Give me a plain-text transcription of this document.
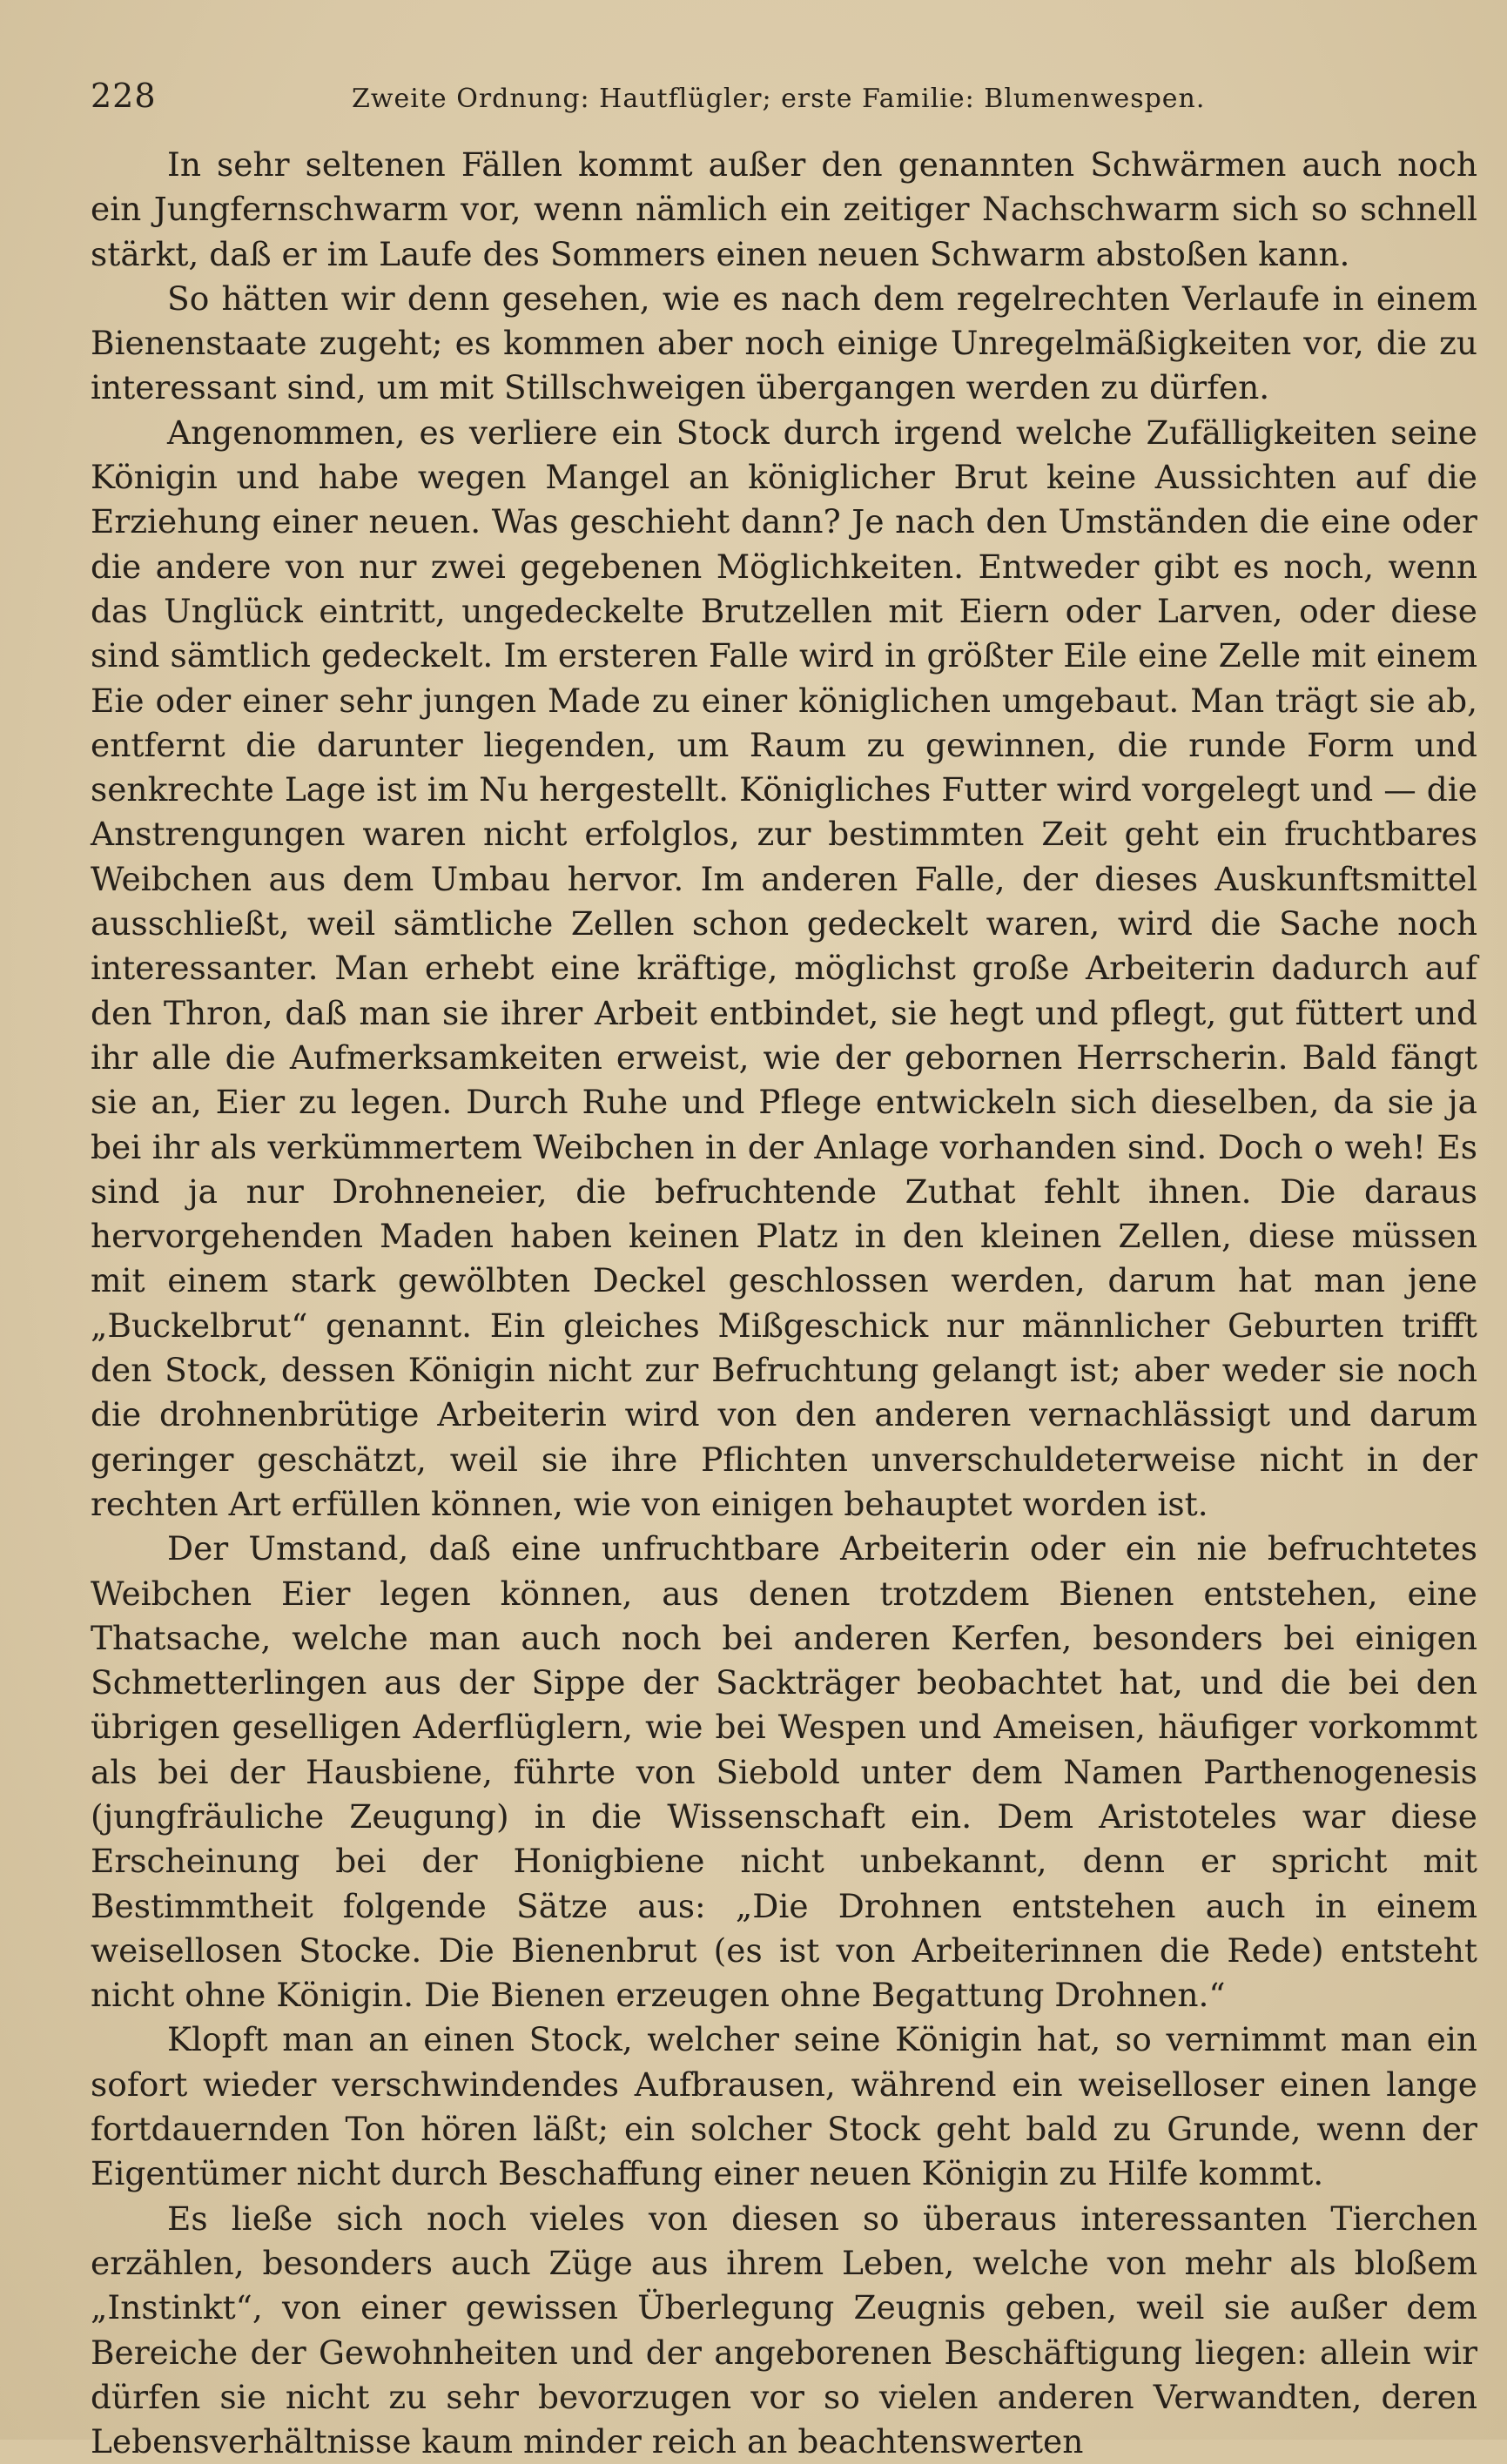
228	Zweite Ordnung: Hautflügler; erste Familie: Blumenwespen.

In sehr seltenen Fällen kommt außer den genannten Schwärmen auch noch ein Jungfernschwarm vor, wenn nämlich ein zeitiger Nachschwarm sich so schnell stärkt, daß er im Laufe des Sommers einen neuen Schwarm abstoßen kann.

So hätten wir denn gesehen, wie es nach dem regelrechten Verlaufe in einem Bienenstaate zugeht; es kommen aber noch einige Unregelmäßigkeiten vor, die zu interessant sind, um mit Stillschweigen übergangen werden zu dürfen.

Angenommen, es verliere ein Stock durch irgend welche Zufälligkeiten seine Königin und habe wegen Mangel an königlicher Brut keine Aussichten auf die Erziehung einer neuen. Was geschieht dann? Je nach den Umständen die eine oder die andere von nur zwei gegebenen Möglichkeiten. Entweder gibt es noch, wenn das Unglück eintritt, ungedeckelte Brutzellen mit Eiern oder Larven, oder diese sind sämtlich gedeckelt. Im ersteren Falle wird in größter Eile eine Zelle mit einem Eie oder einer sehr jungen Made zu einer königlichen umgebaut. Man trägt sie ab, entfernt die darunter liegenden, um Raum zu gewinnen, die runde Form und senkrechte Lage ist im Nu hergestellt. Königliches Futter wird vorgelegt und — die Anstrengungen waren nicht erfolglos, zur bestimmten Zeit geht ein fruchtbares Weibchen aus dem Umbau hervor. Im anderen Falle, der dieses Auskunftsmittel ausschließt, weil sämtliche Zellen schon gedeckelt waren, wird die Sache noch interessanter. Man erhebt eine kräftige, möglichst große Arbeiterin dadurch auf den Thron, daß man sie ihrer Arbeit entbindet, sie hegt und pflegt, gut füttert und ihr alle die Aufmerksamkeiten erweist, wie der gebornen Herrscherin. Bald fängt sie an, Eier zu legen. Durch Ruhe und Pflege entwickeln sich dieselben, da sie ja bei ihr als verkümmertem Weibchen in der Anlage vorhanden sind. Doch o weh! Es sind ja nur Drohneneier, die befruchtende Zuthat fehlt ihnen. Die daraus hervorgehenden Maden haben keinen Platz in den kleinen Zellen, diese müssen mit einem stark gewölbten Deckel geschlossen werden, darum hat man jene „Buckelbrut“ genannt. Ein gleiches Mißgeschick nur männlicher Geburten trifft den Stock, dessen Königin nicht zur Befruchtung gelangt ist; aber weder sie noch die drohnenbrütige Arbeiterin wird von den anderen vernachlässigt und darum geringer geschätzt, weil sie ihre Pflichten unverschuldeterweise nicht in der rechten Art erfüllen können, wie von einigen behauptet worden ist.

Der Umstand, daß eine unfruchtbare Arbeiterin oder ein nie befruchtetes Weibchen Eier legen können, aus denen trotzdem Bienen entstehen, eine Thatsache, welche man auch noch bei anderen Kerfen, besonders bei einigen Schmetterlingen aus der Sippe der Sackträger beobachtet hat, und die bei den übrigen geselligen Aderflüglern, wie bei Wespen und Ameisen, häufiger vorkommt als bei der Hausbiene, führte von Siebold unter dem Namen Parthenogenesis (jungfräuliche Zeugung) in die Wissenschaft ein. Dem Aristoteles war diese Erscheinung bei der Honigbiene nicht unbekannt, denn er spricht mit Bestimmtheit folgende Sätze aus: „Die Drohnen entstehen auch in einem weisellosen Stocke. Die Bienenbrut (es ist von Arbeiterinnen die Rede) entsteht nicht ohne Königin. Die Bienen erzeugen ohne Begattung Drohnen.“

Klopft man an einen Stock, welcher seine Königin hat, so vernimmt man ein sofort wieder verschwindendes Aufbrausen, während ein weiselloser einen lange fortdauernden Ton hören läßt; ein solcher Stock geht bald zu Grunde, wenn der Eigentümer nicht durch Beschaffung einer neuen Königin zu Hilfe kommt.

Es ließe sich noch vieles von diesen so überaus interessanten Tierchen erzählen, besonders auch Züge aus ihrem Leben, welche von mehr als bloßem „Instinkt“, von einer gewissen Überlegung Zeugnis geben, weil sie außer dem Bereiche der Gewohnheiten und der angeborenen Beschäftigung liegen: allein wir dürfen sie nicht zu sehr bevorzugen vor so vielen anderen Verwandten, deren Lebensverhältnisse kaum minder reich an beachtenswerten
